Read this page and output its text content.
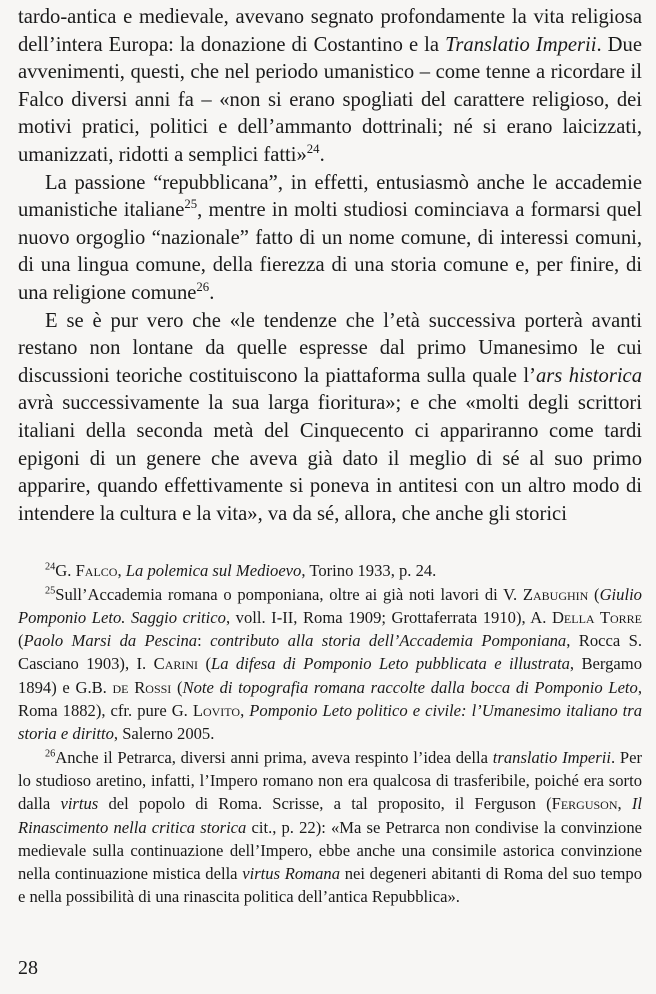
tardo-antica e medievale, avevano segnato profondamente la vita religiosa dell’intera Europa: la donazione di Costantino e la Translatio Imperii. Due avvenimenti, questi, che nel periodo umanistico – come tenne a ricordare il Falco diversi anni fa – «non si erano spogliati del carattere religioso, dei motivi pratici, politici e dell’ammanto dottrinali; né si erano laicizzati, umanizzati, ridotti a semplici fatti»$^{24}$.

La passione “repubblicana”, in effetti, entusiasmò anche le accademie umanistiche italiane$^{25}$, mentre in molti studiosi cominciava a formarsi quel nuovo orgoglio “nazionale” fatto di un nome comune, di interessi comuni, di una lingua comune, della fierezza di una storia comune e, per finire, di una religione comune$^{26}$.

E se è pur vero che «le tendenze che l’età successiva porterà avanti restano non lontane da quelle espresse dal primo Umanesimo le cui discussioni teoriche costituiscono la piattaforma sulla quale l’ars historica avrà successivamente la sua larga fioritura»; e che «molti degli scrittori italiani della seconda metà del Cinquecento ci appariranno come tardi epigoni di un genere che aveva già dato il meglio di sé al suo primo apparire, quando effettivamente si poneva in antitesi con un altro modo di intendere la cultura e la vita», va da sé, allora, che anche gli storici

$^{24}$G. Falco, La polemica sul Medioevo, Torino 1933, p. 24.

$^{25}$Sull’Accademia romana o pomponiana, oltre ai già noti lavori di V. Zabughin (Giulio Pomponio Leto. Saggio critico, voll. I-II, Roma 1909; Grottaferrata 1910), A. Della Torre (Paolo Marsi da Pescina: contributo alla storia dell’Accademia Pomponiana, Rocca S. Casciano 1903), I. Carini (La difesa di Pomponio Leto pubblicata e illustrata, Bergamo 1894) e G.B. de Rossi (Note di topografia romana raccolte dalla bocca di Pomponio Leto, Roma 1882), cfr. pure G. Lovito, Pomponio Leto politico e civile: l’Umanesimo italiano tra storia e diritto, Salerno 2005.

$^{26}$Anche il Petrarca, diversi anni prima, aveva respinto l’idea della translatio Imperii. Per lo studioso aretino, infatti, l’Impero romano non era qualcosa di trasferibile, poiché era sorto dalla virtus del popolo di Roma. Scrisse, a tal proposito, il Ferguson (Ferguson, Il Rinascimento nella critica storica cit., p. 22): «Ma se Petrarca non condivise la convinzione medievale sulla continuazione dell’Impero, ebbe anche una consimile astorica convinzione nella continuazione mistica della virtus Romana nei degeneri abitanti di Roma del suo tempo e nella possibilità di una rinascita politica dell’antica Repubblica».

28
